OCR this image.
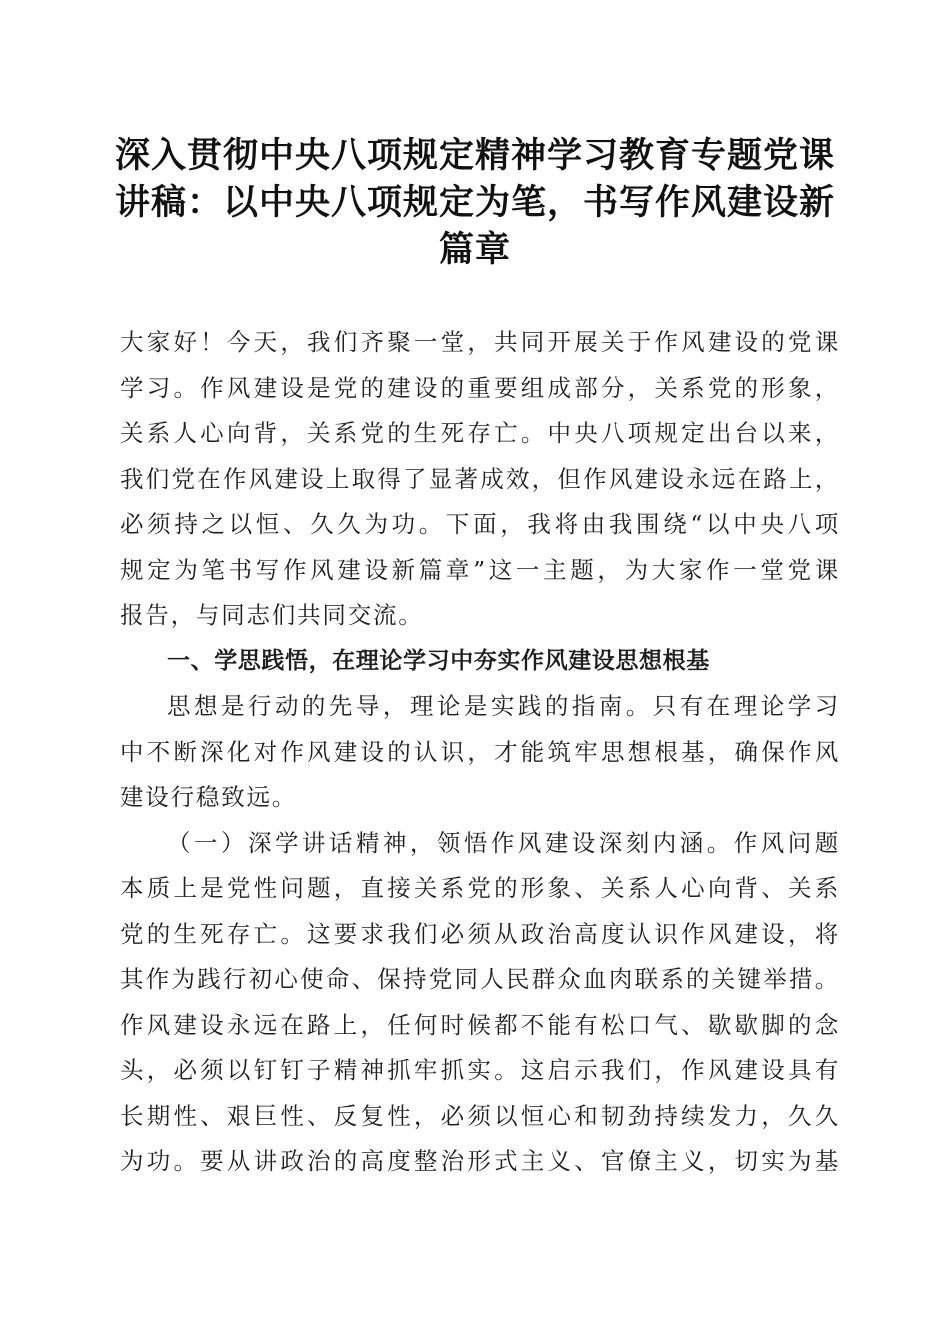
深入贯彻中央八项规定精神学习教育专题党课
讲稿：以中央八项规定为笔，书写作风建设新
篇章
大家好！今天，我们齐聚一堂，共同开展关于作风建设的党课
学习。作风建设是党的建设的重要组成部分，关系党的形象，
关系人心向背，关系党的生死存亡。中央八项规定出台以来，
我们党在作风建设上取得了显著成效，但作风建设永远在路上，
必须持之以恒、久久为功。下面，我将由我围绕“以中央八项
规定为笔书写作风建设新篇章”这一主题，为大家作一堂党课
报告，与同志们共同交流。
一、学思践悟，在理论学习中夯实作风建设思想根基
思想是行动的先导，理论是实践的指南。只有在理论学习
中不断深化对作风建设的认识，才能筑牢思想根基，确保作风
建设行稳致远。
（一）深学讲话精神，领悟作风建设深刻内涵。作风问题
本质上是党性问题，直接关系党的形象、关系人心向背、关系
党的生死存亡。这要求我们必须从政治高度认识作风建设，将
其作为践行初心使命、保持党同人民群众血肉联系的关键举措。
作风建设永远在路上，任何时候都不能有松口气、歇歇脚的念
头，必须以钉钉子精神抓牢抓实。这启示我们，作风建设具有
长期性、艰巨性、反复性，必须以恒心和韧劲持续发力，久久
为功。要从讲政治的高度整治形式主义、官僚主义，切实为基
